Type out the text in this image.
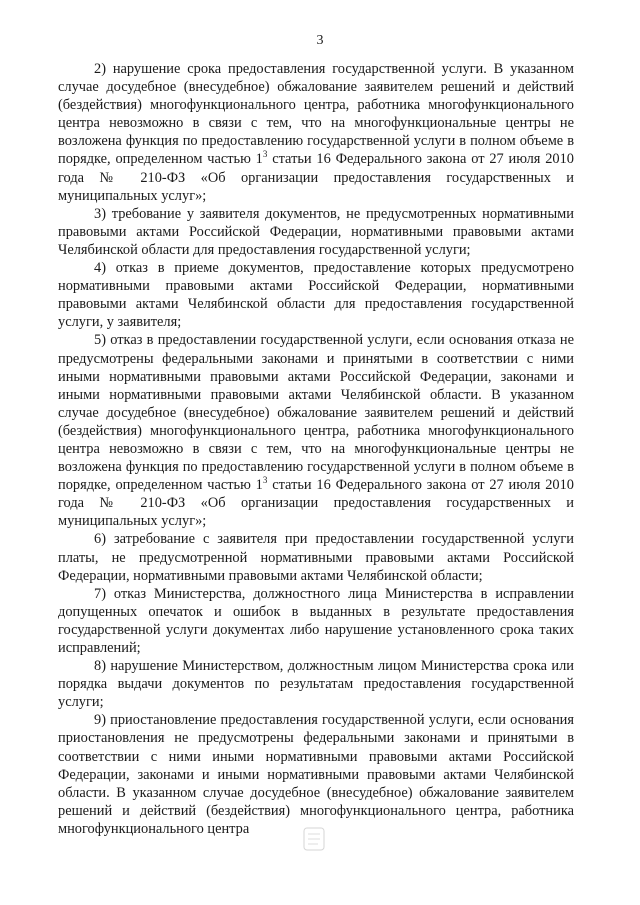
3

2) нарушение срока предоставления государственной услуги. В указанном случае досудебное (внесудебное) обжалование заявителем решений и действий (бездействия) многофункционального центра, работника многофункционального центра невозможно в связи с тем, что на многофункциональные центры не возложена функция по предоставлению государственной услуги в полном объеме в порядке, определенном частью $1^3$ статьи 16 Федерального закона от 27 июля 2010 года № 210-ФЗ «Об организации предоставления государственных и муниципальных услуг»;

3) требование у заявителя документов, не предусмотренных нормативными правовыми актами Российской Федерации, нормативными правовыми актами Челябинской области для предоставления государственной услуги;

4) отказ в приеме документов, предоставление которых предусмотрено нормативными правовыми актами Российской Федерации, нормативными правовыми актами Челябинской области для предоставления государственной услуги, у заявителя;

5) отказ в предоставлении государственной услуги, если основания отказа не предусмотрены федеральными законами и принятыми в соответствии с ними иными нормативными правовыми актами Российской Федерации, законами и иными нормативными правовыми актами Челябинской области. В указанном случае досудебное (внесудебное) обжалование заявителем решений и действий (бездействия) многофункционального центра, работника многофункционального центра невозможно в связи с тем, что на многофункциональные центры не возложена функция по предоставлению государственной услуги в полном объеме в порядке, определенном частью $1^3$ статьи 16 Федерального закона от 27 июля 2010 года № 210-ФЗ «Об организации предоставления государственных и муниципальных услуг»;

6) затребование с заявителя при предоставлении государственной услуги платы, не предусмотренной нормативными правовыми актами Российской Федерации, нормативными правовыми актами Челябинской области;

7) отказ Министерства, должностного лица Министерства в исправлении допущенных опечаток и ошибок в выданных в результате предоставления государственной услуги документах либо нарушение установленного срока таких исправлений;

8) нарушение Министерством, должностным лицом Министерства срока или порядка выдачи документов по результатам предоставления государственной услуги;

9) приостановление предоставления государственной услуги, если основания приостановления не предусмотрены федеральными законами и принятыми в соответствии с ними иными нормативными правовыми актами Российской Федерации, законами и иными нормативными правовыми актами Челябинской области. В указанном случае досудебное (внесудебное) обжалование заявителем решений и действий (бездействия) многофункционального центра, работника многофункционального центра
